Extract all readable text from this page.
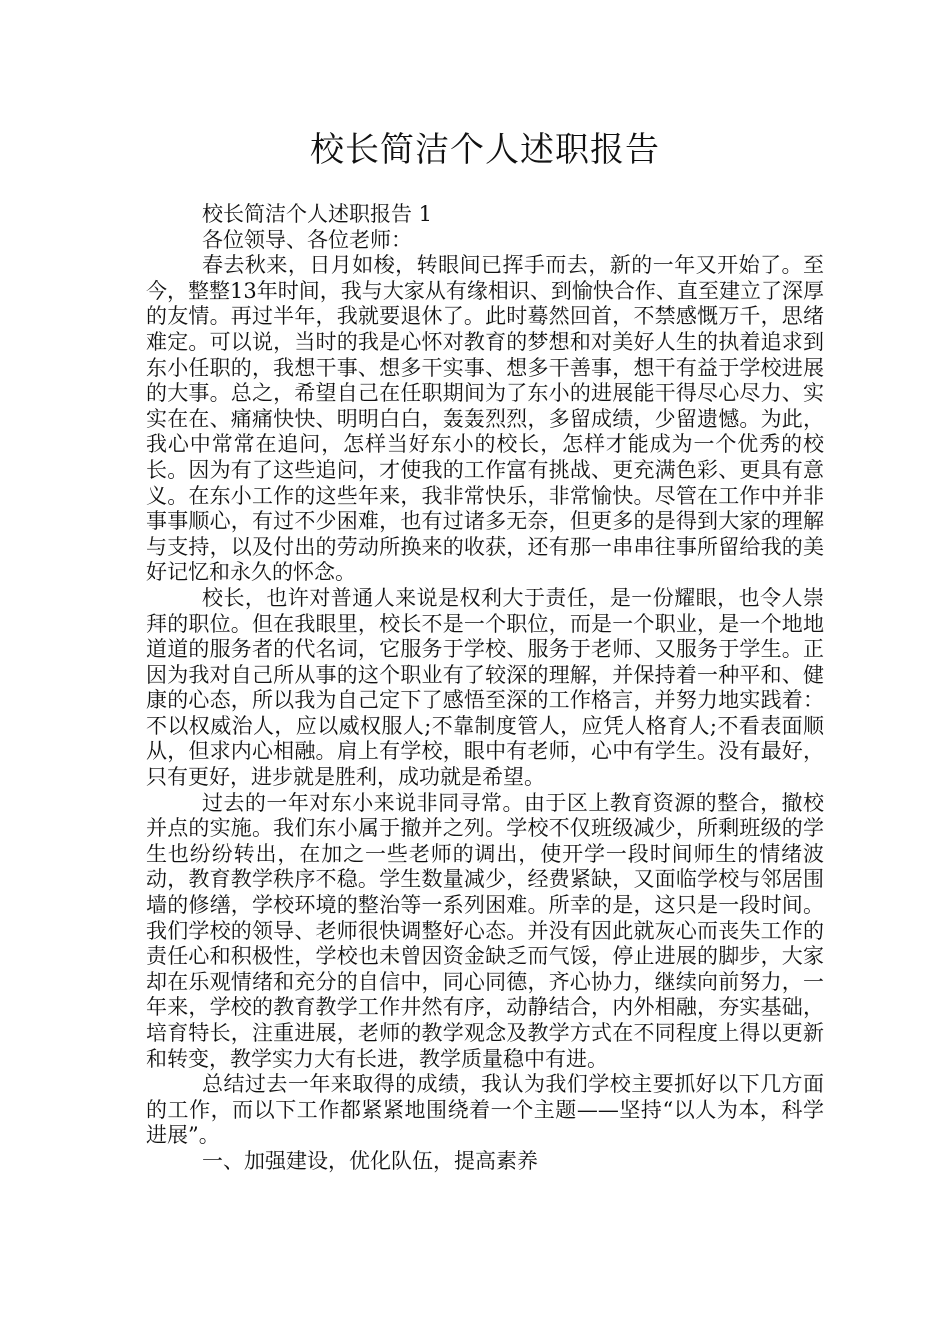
校长简洁个人述职报告

校长简洁个人述职报告 1

各位领导、各位老师：

春去秋来，日月如梭，转眼间已挥手而去，新的一年又开始了。至今，整整13年时间，我与大家从有缘相识、到愉快合作、直至建立了深厚的友情。再过半年，我就要退休了。此时蓦然回首，不禁感慨万千，思绪难定。可以说，当时的我是心怀对教育的梦想和对美好人生的执着追求到东小任职的，我想干事、想多干实事、想多干善事，想干有益于学校进展的大事。总之，希望自己在任职期间为了东小的进展能干得尽心尽力、实实在在、痛痛快快、明明白白，轰轰烈烈，多留成绩，少留遗憾。为此，我心中常常在追问，怎样当好东小的校长，怎样才能成为一个优秀的校长。因为有了这些追问，才使我的工作富有挑战、更充满色彩、更具有意义。在东小工作的这些年来，我非常快乐，非常愉快。尽管在工作中并非事事顺心，有过不少困难，也有过诸多无奈，但更多的是得到大家的理解与支持，以及付出的劳动所换来的收获，还有那一串串往事所留给我的美好记忆和永久的怀念。

校长，也许对普通人来说是权利大于责任，是一份耀眼，也令人崇拜的职位。但在我眼里，校长不是一个职位，而是一个职业，是一个地地道道的服务者的代名词，它服务于学校、服务于老师、又服务于学生。正因为我对自己所从事的这个职业有了较深的理解，并保持着一种平和、健康的心态，所以我为自己定下了感悟至深的工作格言，并努力地实践着：不以权威治人，应以威权服人;不靠制度管人，应凭人格育人;不看表面顺从，但求内心相融。肩上有学校，眼中有老师，心中有学生。没有最好，只有更好，进步就是胜利，成功就是希望。

过去的一年对东小来说非同寻常。由于区上教育资源的整合，撤校并点的实施。我们东小属于撤并之列。学校不仅班级减少，所剩班级的学生也纷纷转出，在加之一些老师的调出，使开学一段时间师生的情绪波动，教育教学秩序不稳。学生数量减少，经费紧缺，又面临学校与邻居围墙的修缮，学校环境的整治等一系列困难。所幸的是，这只是一段时间。我们学校的领导、老师很快调整好心态。并没有因此就灰心而丧失工作的责任心和积极性，学校也未曾因资金缺乏而气馁，停止进展的脚步，大家却在乐观情绪和充分的自信中，同心同德，齐心协力，继续向前努力，一年来，学校的教育教学工作井然有序，动静结合，内外相融，夯实基础，培育特长，注重进展，老师的教学观念及教学方式在不同程度上得以更新和转变，教学实力大有长进，教学质量稳中有进。

总结过去一年来取得的成绩，我认为我们学校主要抓好以下几方面的工作，而以下工作都紧紧地围绕着一个主题——坚持“以人为本，科学进展”。

一、加强建设，优化队伍，提高素养
